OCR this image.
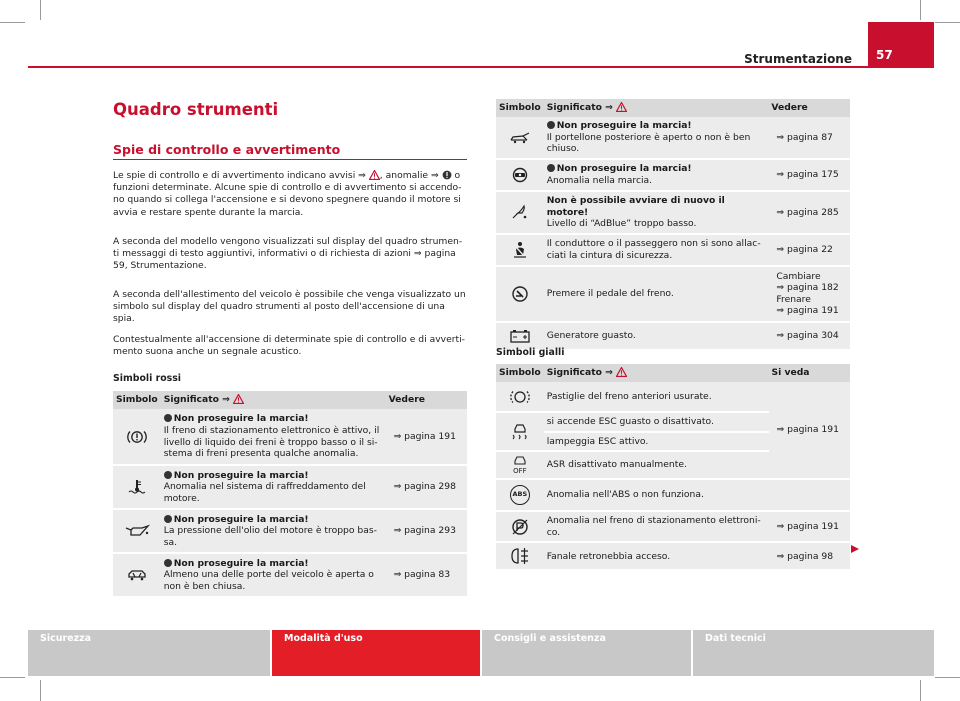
Strumentazione	57
Quadro strumenti
Spie di controllo e avvertimento

Le spie di controllo e di avvertimento indicano avvisi ⇒ , anomalie ⇒  o funzioni determinate. Alcune spie di controllo e di avvertimento si accendo-no quando si collega l'accensione e si devono spegnere quando il motore si avvia e restare spente durante la marcia.

A seconda del modello vengono visualizzati sul display del quadro strumen-ti messaggi di testo aggiuntivi, informativi o di richiesta di azioni ⇒ pagina 59, Strumentazione.

A seconda dell'allestimento del veicolo è possibile che venga visualizzato un simbolo sul display del quadro strumenti al posto dell'accensione di una spia.

Contestualmente all'accensione di determinate spie di controllo e di avverti-mento suona anche un segnale acustico.

Simboli rossi
Simbolo	Significato ⇒	Vedere

	Non proseguire la marcia!
Il freno di stazionamento elettronico è attivo, il livello di liquido dei freni è troppo basso o il si-stema di freni presenta qualche anomalia.	⇒ pagina 191

	Non proseguire la marcia!
Anomalia nel sistema di raffreddamento del motore.	⇒ pagina 298

	Non proseguire la marcia!
La pressione dell'olio del motore è troppo bas-sa.	⇒ pagina 293

	Non proseguire la marcia!
Almeno una delle porte del veicolo è aperta o non è ben chiusa.	⇒ pagina 83
Simbolo	Significato ⇒	Vedere

	Non proseguire la marcia!
Il portellone posteriore è aperto o non è ben chiuso.	⇒ pagina 87

	Non proseguire la marcia!
Anomalia nella marcia.	⇒ pagina 175

	Non è possibile avviare di nuovo il motore!
Livello di “AdBlue” troppo basso.	⇒ pagina 285

	Il conduttore o il passeggero non si sono allac-ciati la cintura di sicurezza.	⇒ pagina 22

	Premere il pedale del freno.	Cambiare
⇒ pagina 182
Frenare
⇒ pagina 191

	Generatore guasto.	⇒ pagina 304
Simboli gialli
Simbolo	Significato ⇒	Si veda

	Pastiglie del freno anteriori usurate.	⇒ pagina 191

	si accende ESC guasto o disattivato.	
	lampeggia ESC attivo.	

OFF	ASR disattivato manualmente.	

ABS	Anomalia nell'ABS o non funziona.	

	Anomalia nel freno di stazionamento elettroni-co.	⇒ pagina 191

	Fanale retronebbia acceso.	⇒ pagina 98
Sicurezza	Modalità d'uso	Consigli e assistenza	Dati tecnici
